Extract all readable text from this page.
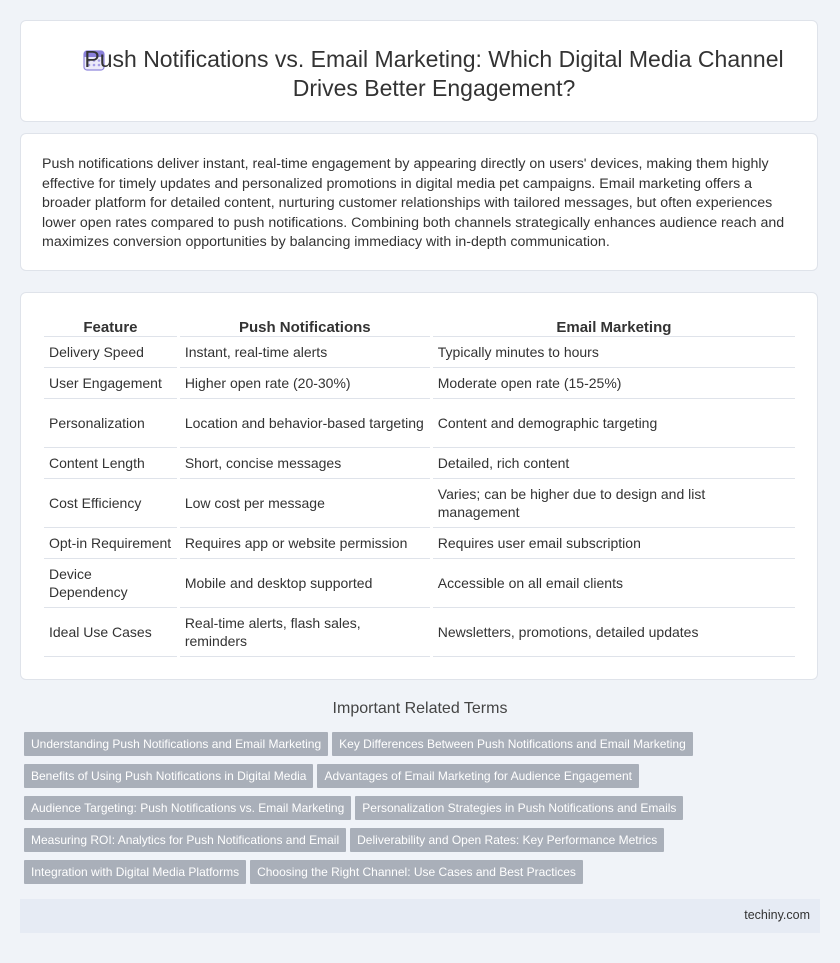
Push Notifications vs. Email Marketing: Which Digital Media Channel Drives Better Engagement?

Push notifications deliver instant, real-time engagement by appearing directly on users' devices, making them highly effective for timely updates and personalized promotions in digital media pet campaigns. Email marketing offers a broader platform for detailed content, nurturing customer relationships with tailored messages, but often experiences lower open rates compared to push notifications. Combining both channels strategically enhances audience reach and maximizes conversion opportunities by balancing immediacy with in-depth communication.

Feature	Push Notifications	Email Marketing
Delivery Speed	Instant, real-time alerts	Typically minutes to hours
User Engagement	Higher open rate (20-30%)	Moderate open rate (15-25%)
Personalization	Location and behavior-based targeting	Content and demographic targeting
Content Length	Short, concise messages	Detailed, rich content
Cost Efficiency	Low cost per message	Varies; can be higher due to design and list management
Opt-in Requirement	Requires app or website permission	Requires user email subscription
Device Dependency	Mobile and desktop supported	Accessible on all email clients
Ideal Use Cases	Real-time alerts, flash sales, reminders	Newsletters, promotions, detailed updates
Important Related Terms
Understanding Push Notifications and Email Marketing Key Differences Between Push Notifications and Email Marketing
Benefits of Using Push Notifications in Digital Media Advantages of Email Marketing for Audience Engagement
Audience Targeting: Push Notifications vs. Email Marketing Personalization Strategies in Push Notifications and Emails
Measuring ROI: Analytics for Push Notifications and Email Deliverability and Open Rates: Key Performance Metrics
Integration with Digital Media Platforms Choosing the Right Channel: Use Cases and Best Practices
techiny.com
